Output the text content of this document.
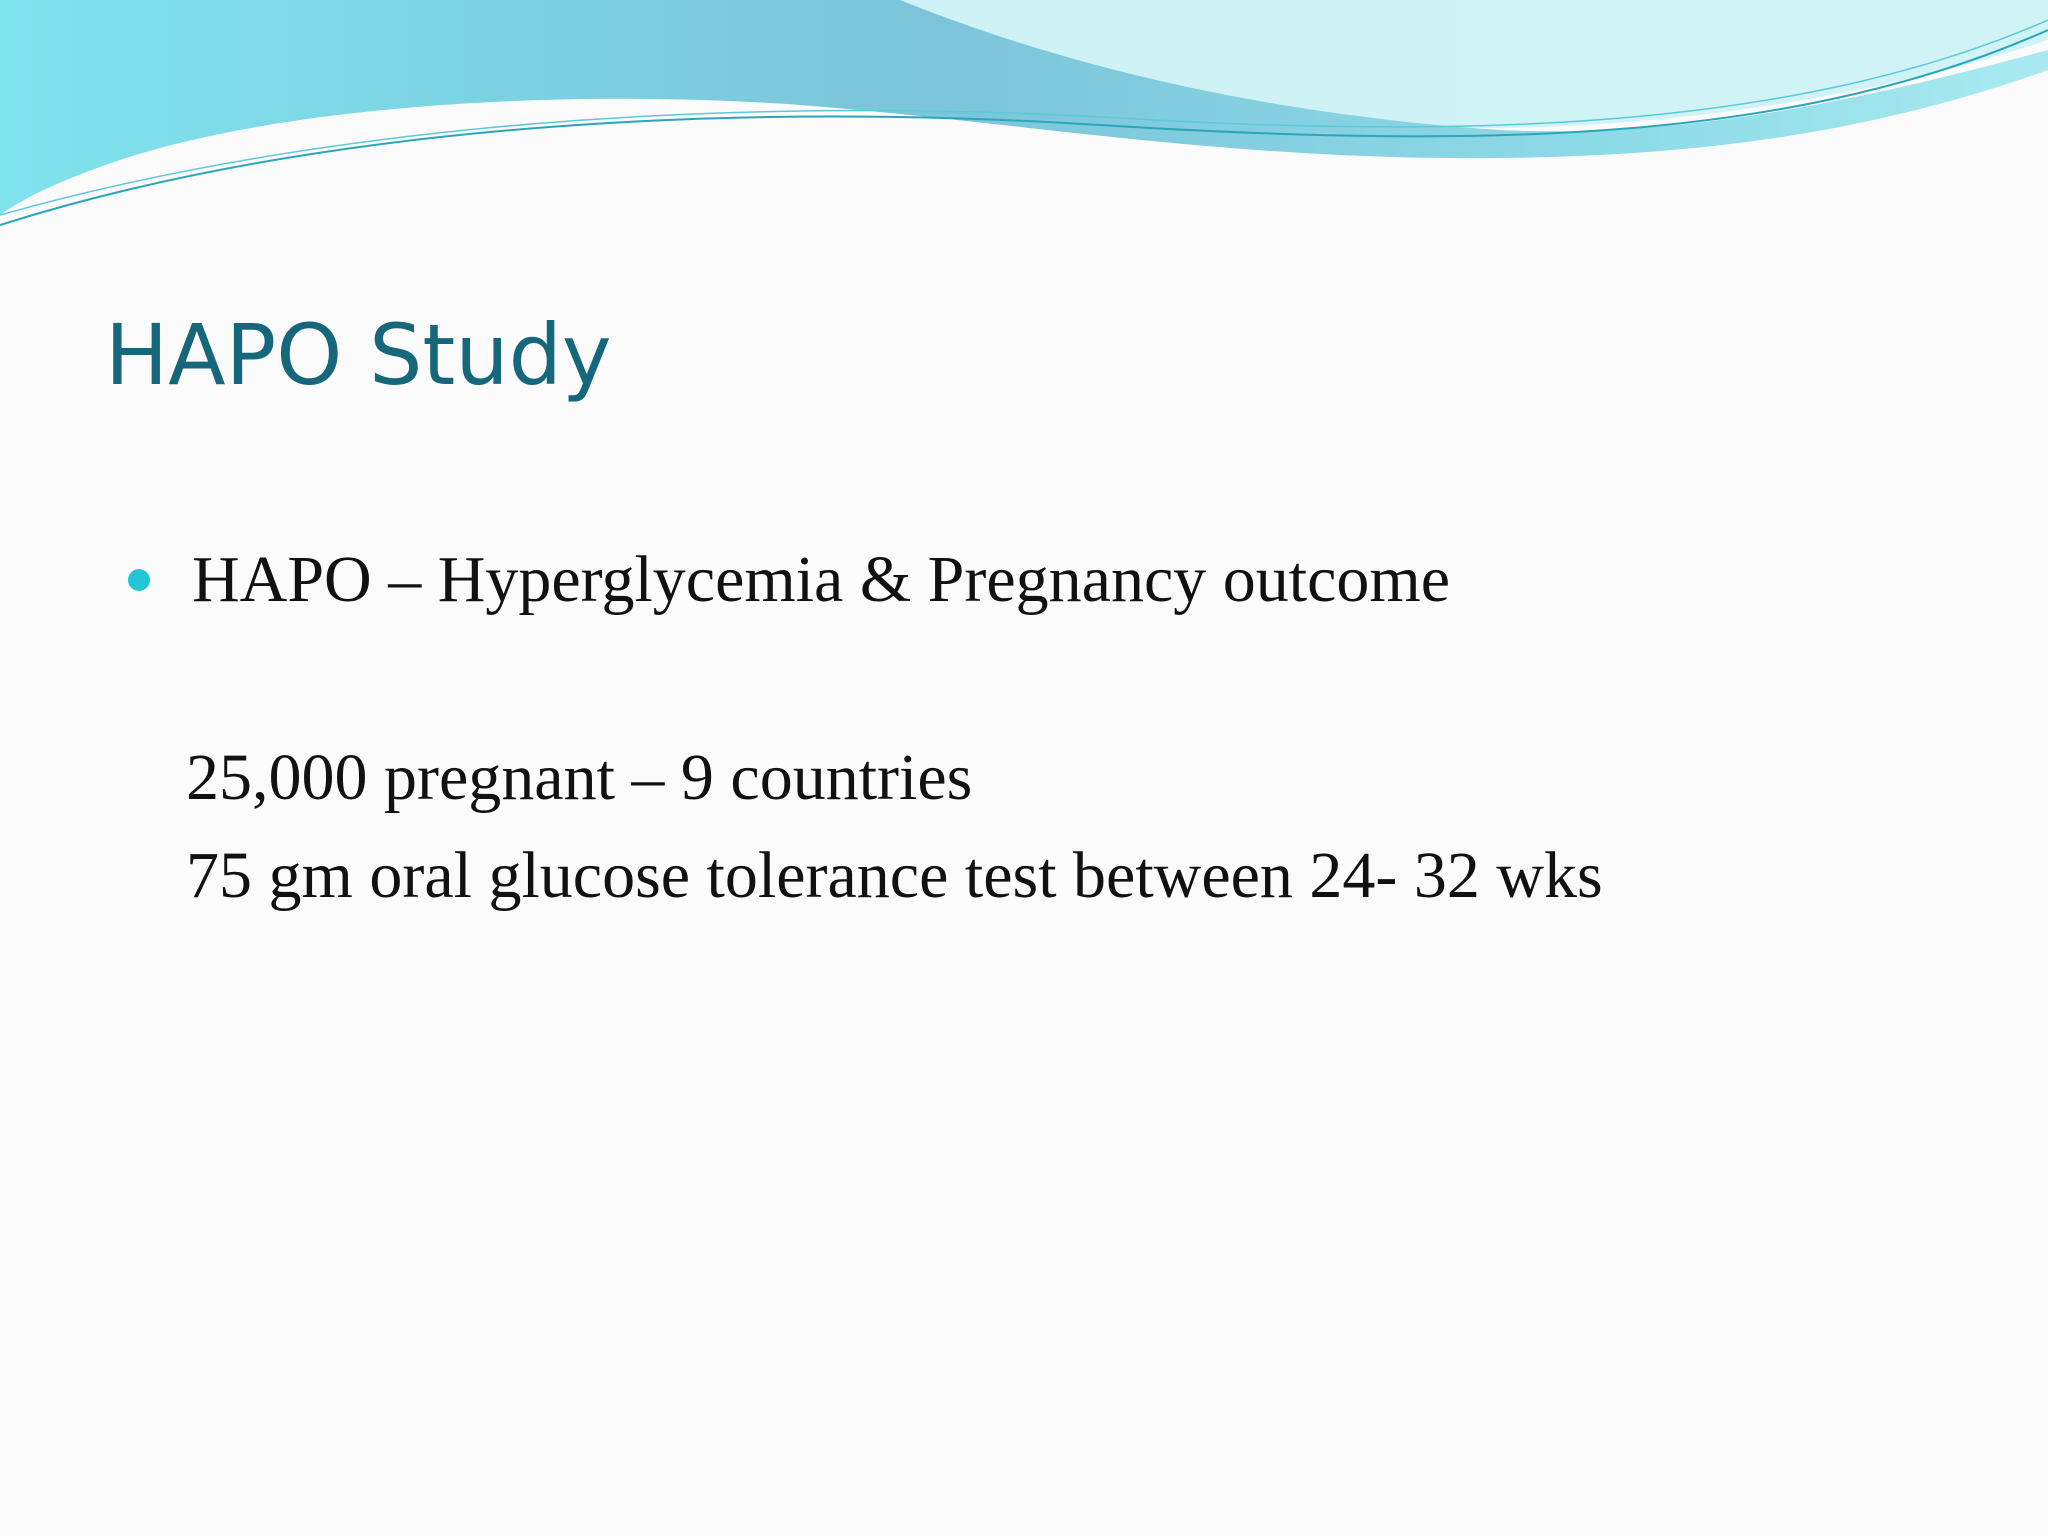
HAPO Study
HAPO – Hyperglycemia & Pregnancy outcome
25,000 pregnant – 9 countries
75 gm oral glucose tolerance test between 24- 32 wks
